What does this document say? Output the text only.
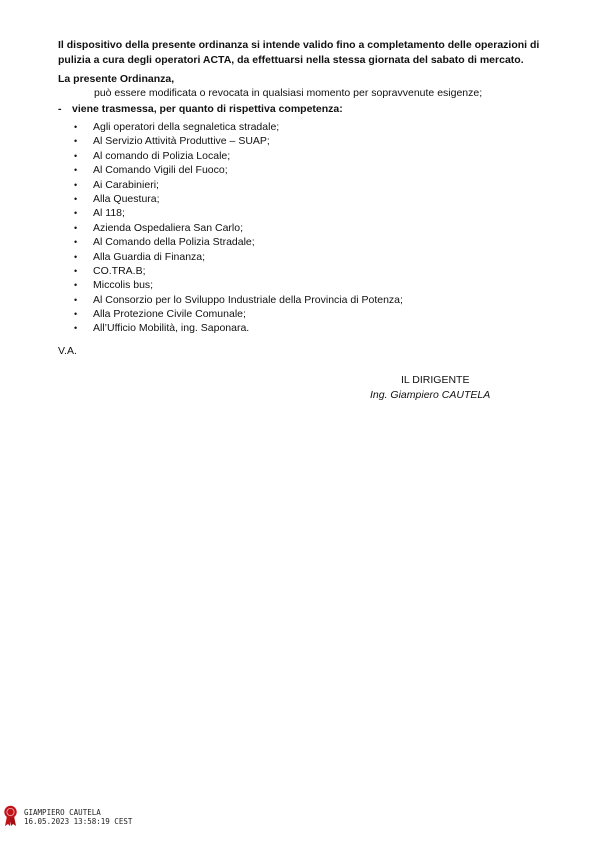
Il dispositivo della presente ordinanza si intende valido fino a completamento delle operazioni di pulizia a cura degli operatori ACTA, da effettuarsi nella stessa giornata del sabato di mercato.
La presente Ordinanza,
può essere modificata o revocata in qualsiasi momento per sopravvenute esigenze;
- viene trasmessa, per quanto di rispettiva competenza:
• Agli operatori della segnaletica stradale;
• Al Servizio Attività Produttive – SUAP;
• Al comando di Polizia Locale;
• Al Comando Vigili del Fuoco;
• Ai Carabinieri;
• Alla Questura;
• Al 118;
• Azienda Ospedaliera San Carlo;
• Al Comando della Polizia Stradale;
• Alla Guardia di Finanza;
• CO.TRA.B;
• Miccolis bus;
• Al Consorzio per lo Sviluppo Industriale della Provincia di Potenza;
• Alla Protezione Civile Comunale;
• All’Ufficio Mobilità, ing. Saponara.
V.A.
IL DIRIGENTE
Ing. Giampiero CAUTELA
GIAMPIERO CAUTELA
16.05.2023 13:58:19 CEST
